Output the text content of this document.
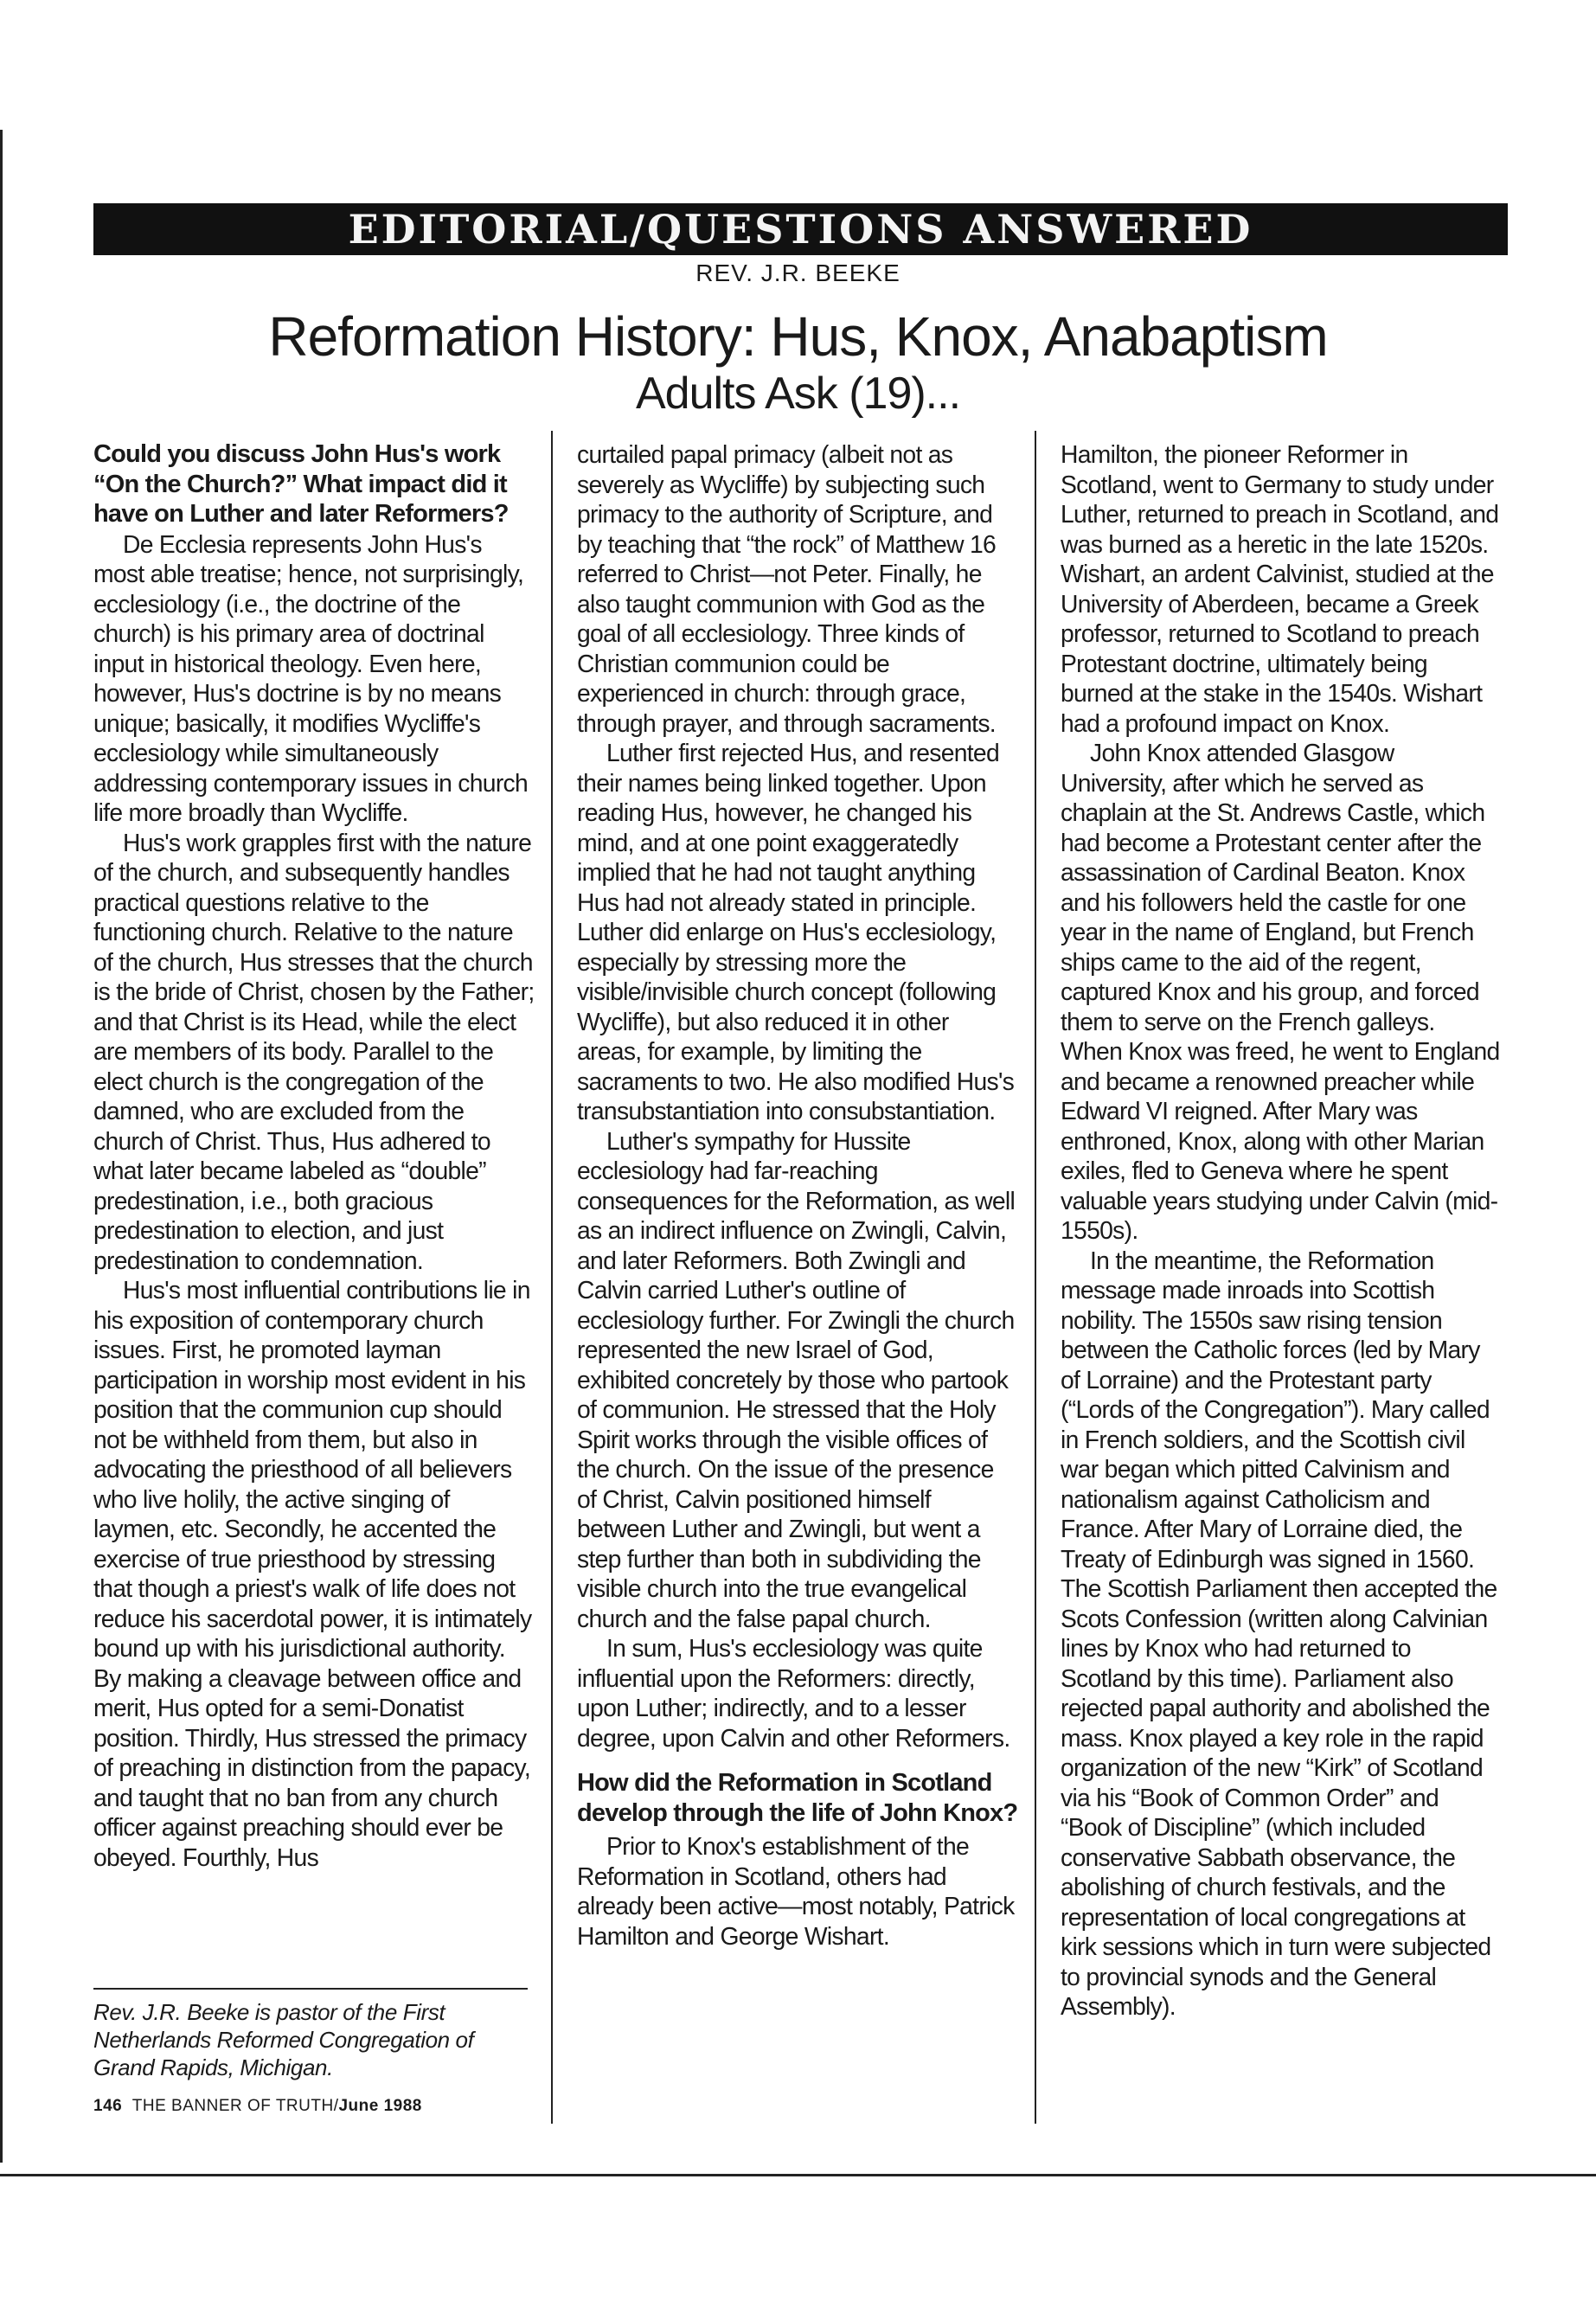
EDITORIAL/QUESTIONS ANSWERED
REV. J.R. BEEKE
Reformation History: Hus, Knox, Anabaptism
Adults Ask (19)...
Could you discuss John Hus's work “On the Church?” What impact did it have on Luther and later Reformers?

De Ecclesia represents John Hus's most able treatise; hence, not surprisingly, ecclesiology (i.e., the doctrine of the church) is his primary area of doctrinal input in historical theology. Even here, however, Hus's doctrine is by no means unique; basically, it modifies Wycliffe's ecclesiology while simultaneously addressing contemporary issues in church life more broadly than Wycliffe.

Hus's work grapples first with the nature of the church, and subsequently handles practical questions relative to the functioning church. Relative to the nature of the church, Hus stresses that the church is the bride of Christ, chosen by the Father; and that Christ is its Head, while the elect are members of its body. Parallel to the elect church is the congregation of the damned, who are excluded from the church of Christ. Thus, Hus adhered to what later became labeled as “double” predestination, i.e., both gracious predestination to election, and just predestination to condemnation.

Hus's most influential contributions lie in his exposition of contemporary church issues. First, he promoted layman participation in worship most evident in his position that the communion cup should not be withheld from them, but also in advocating the priesthood of all believers who live holily, the active singing of laymen, etc. Secondly, he accented the exercise of true priesthood by stressing that though a priest's walk of life does not reduce his sacerdotal power, it is intimately bound up with his jurisdictional authority. By making a cleavage between office and merit, Hus opted for a semi-Donatist position. Thirdly, Hus stressed the primacy of preaching in distinction from the papacy, and taught that no ban from any church officer against preaching should ever be obeyed. Fourthly, Hus

curtailed papal primacy (albeit not as severely as Wycliffe) by subjecting such primacy to the authority of Scripture, and by teaching that “the rock” of Matthew 16 referred to Christ—not Peter. Finally, he also taught communion with God as the goal of all ecclesiology. Three kinds of Christian communion could be experienced in church: through grace, through prayer, and through sacraments.

Luther first rejected Hus, and resented their names being linked together. Upon reading Hus, however, he changed his mind, and at one point exaggeratedly implied that he had not taught anything Hus had not already stated in principle. Luther did enlarge on Hus's ecclesiology, especially by stressing more the visible/invisible church concept (following Wycliffe), but also reduced it in other areas, for example, by limiting the sacraments to two. He also modified Hus's transubstantiation into consubstantiation.

Luther's sympathy for Hussite ecclesiology had far-reaching consequences for the Reformation, as well as an indirect influence on Zwingli, Calvin, and later Reformers. Both Zwingli and Calvin carried Luther's outline of ecclesiology further. For Zwingli the church represented the new Israel of God, exhibited concretely by those who partook of communion. He stressed that the Holy Spirit works through the visible offices of the church. On the issue of the presence of Christ, Calvin positioned himself between Luther and Zwingli, but went a step further than both in subdividing the visible church into the true evangelical church and the false papal church.

In sum, Hus's ecclesiology was quite influential upon the Reformers: directly, upon Luther; indirectly, and to a lesser degree, upon Calvin and other Reformers.

How did the Reformation in Scotland develop through the life of John Knox?

Prior to Knox's establishment of the Reformation in Scotland, others had already been active—most notably, Patrick Hamilton and George Wishart.

Hamilton, the pioneer Reformer in Scotland, went to Germany to study under Luther, returned to preach in Scotland, and was burned as a heretic in the late 1520s. Wishart, an ardent Calvinist, studied at the University of Aberdeen, became a Greek professor, returned to Scotland to preach Protestant doctrine, ultimately being burned at the stake in the 1540s. Wishart had a profound impact on Knox.

John Knox attended Glasgow University, after which he served as chaplain at the St. Andrews Castle, which had become a Protestant center after the assassination of Cardinal Beaton. Knox and his followers held the castle for one year in the name of England, but French ships came to the aid of the regent, captured Knox and his group, and forced them to serve on the French galleys. When Knox was freed, he went to England and became a renowned preacher while Edward VI reigned. After Mary was enthroned, Knox, along with other Marian exiles, fled to Geneva where he spent valuable years studying under Calvin (mid-1550s).

In the meantime, the Reformation message made inroads into Scottish nobility. The 1550s saw rising tension between the Catholic forces (led by Mary of Lorraine) and the Protestant party (“Lords of the Congregation”). Mary called in French soldiers, and the Scottish civil war began which pitted Calvinism and nationalism against Catholicism and France. After Mary of Lorraine died, the Treaty of Edinburgh was signed in 1560. The Scottish Parliament then accepted the Scots Confession (written along Calvinian lines by Knox who had returned to Scotland by this time). Parliament also rejected papal authority and abolished the mass. Knox played a key role in the rapid organization of the new “Kirk” of Scotland via his “Book of Common Order” and “Book of Discipline” (which included conservative Sabbath observance, the abolishing of church festivals, and the representation of local congregations at kirk sessions which in turn were subjected to provincial synods and the General Assembly).

Rev. J.R. Beeke is pastor of the First Netherlands Reformed Congregation of Grand Rapids, Michigan.
146 THE BANNER OF TRUTH/June 1988
